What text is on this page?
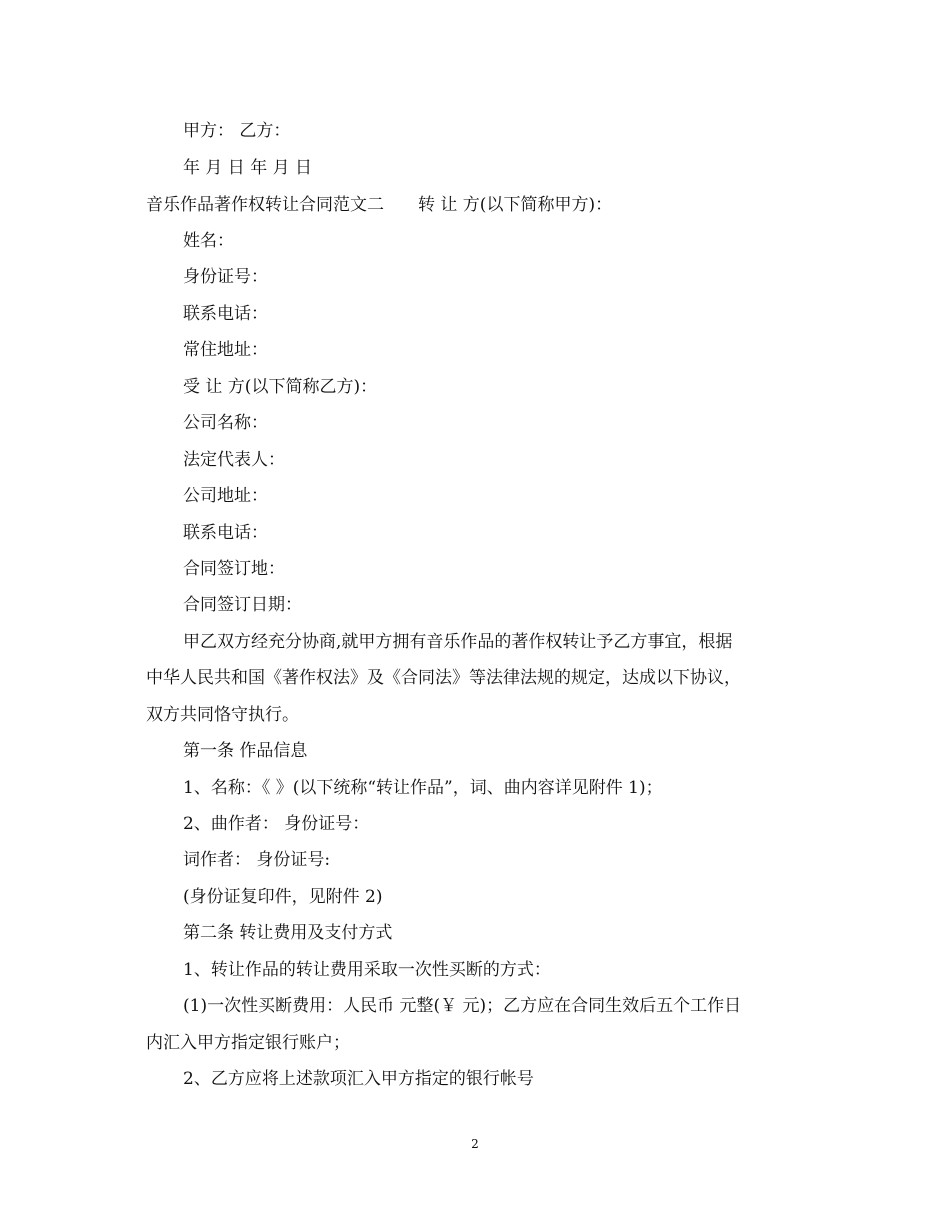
甲方： 乙方：
年 月 日 年 月 日
音乐作品著作权转让合同范文二 转 让 方(以下简称甲方)：
姓名：
身份证号：
联系电话：
常住地址：
受 让 方(以下简称乙方)：
公司名称：
法定代表人：
公司地址：
联系电话：
合同签订地：
合同签订日期：
甲乙双方经充分协商,就甲方拥有音乐作品的著作权转让予乙方事宜，根据
中华人民共和国《著作权法》及《合同法》等法律法规的规定，达成以下协议，
双方共同恪守执行。
第一条 作品信息
1、名称：《 》(以下统称“转让作品”，词、曲内容详见附件 1)；
2、曲作者： 身份证号：
词作者： 身份证号:
(身份证复印件，见附件 2)
第二条 转让费用及支付方式
1、转让作品的转让费用采取一次性买断的方式：
(1)一次性买断费用：人民币 元整(￥ 元)；乙方应在合同生效后五个工作日
内汇入甲方指定银行账户；
2、乙方应将上述款项汇入甲方指定的银行帐号
2
